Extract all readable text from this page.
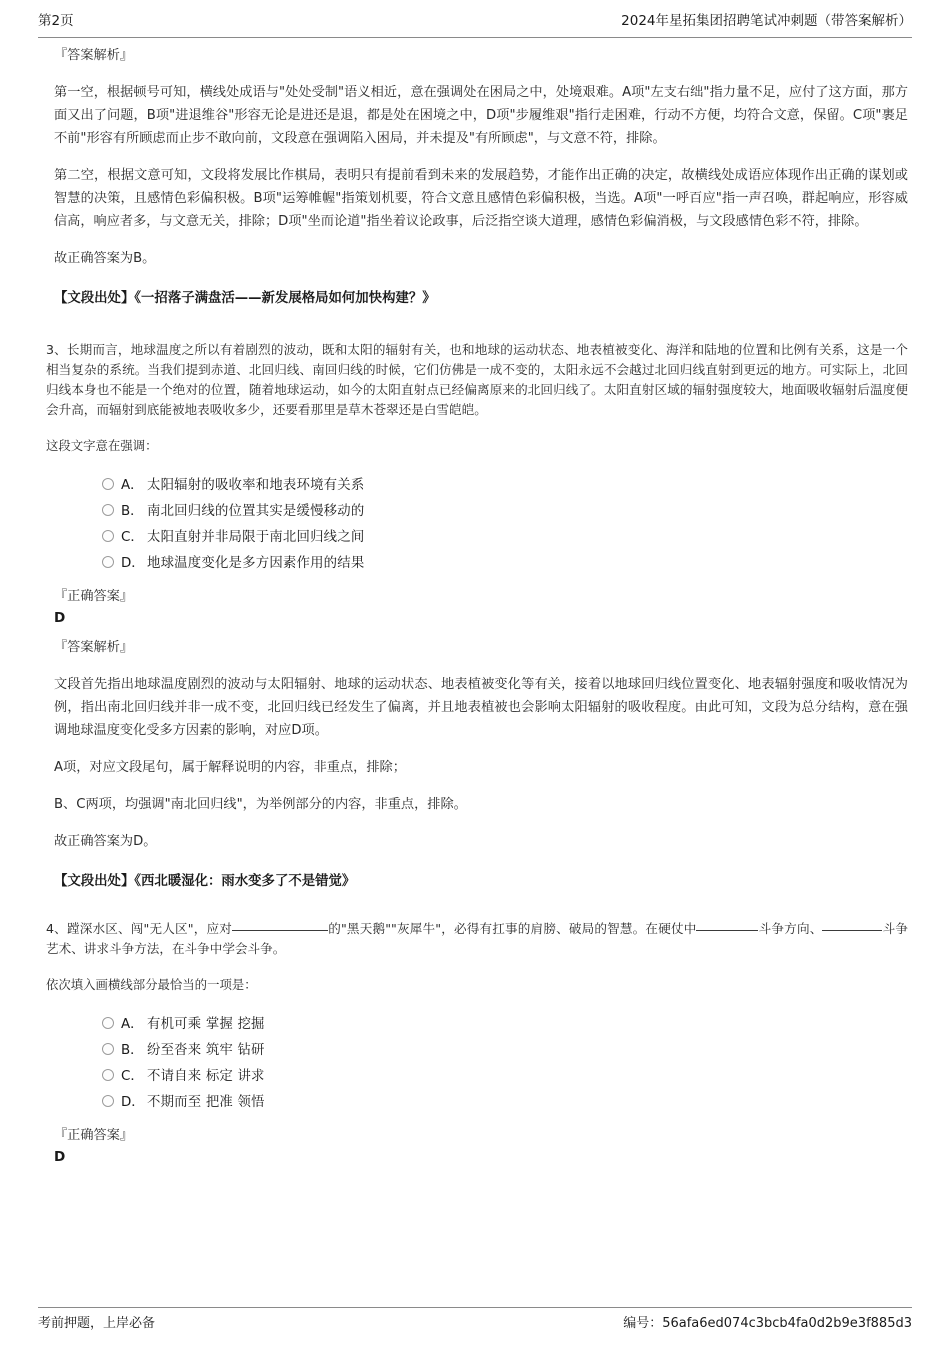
第2页	2024年星拓集团招聘笔试冲刺题（带答案解析）
『答案解析』
第一空，根据顿号可知，横线处成语与"处处受制"语义相近，意在强调处在困局之中，处境艰难。A项"左支右绌"指力量不足，应付了这方面，那方面又出了问题，B项"进退维谷"形容无论是进还是退，都是处在困境之中，D项"步履维艰"指行走困难，行动不方便，均符合文意，保留。C项"裹足不前"形容有所顾虑而止步不敢向前，文段意在强调陷入困局，并未提及"有所顾虑"，与文意不符，排除。
第二空，根据文意可知，文段将发展比作棋局，表明只有提前看到未来的发展趋势，才能作出正确的决定，故横线处成语应体现作出正确的谋划或智慧的决策，且感情色彩偏积极。B项"运筹帷幄"指策划机要，符合文意且感情色彩偏积极，当选。A项"一呼百应"指一声召唤，群起响应，形容威信高，响应者多，与文意无关，排除；D项"坐而论道"指坐着议论政事，后泛指空谈大道理，感情色彩偏消极，与文段感情色彩不符，排除。
故正确答案为B。
【文段出处】《一招落子满盘活——新发展格局如何加快构建？》
3、长期而言，地球温度之所以有着剧烈的波动，既和太阳的辐射有关，也和地球的运动状态、地表植被变化、海洋和陆地的位置和比例有关系，这是一个相当复杂的系统。当我们提到赤道、北回归线、南回归线的时候，它们仿佛是一成不变的，太阳永远不会越过北回归线直射到更远的地方。可实际上，北回归线本身也不能是一个绝对的位置，随着地球运动，如今的太阳直射点已经偏离原来的北回归线了。太阳直射区域的辐射强度较大，地面吸收辐射后温度便会升高，而辐射到底能被地表吸收多少，还要看那里是草木苍翠还是白雪皑皑。
这段文字意在强调：
A． 太阳辐射的吸收率和地表环境有关系
B． 南北回归线的位置其实是缓慢移动的
C． 太阳直射并非局限于南北回归线之间
D． 地球温度变化是多方因素作用的结果
『正确答案』
D
『答案解析』
文段首先指出地球温度剧烈的波动与太阳辐射、地球的运动状态、地表植被变化等有关，接着以地球回归线位置变化、地表辐射强度和吸收情况为例，指出南北回归线并非一成不变，北回归线已经发生了偏离，并且地表植被也会影响太阳辐射的吸收程度。由此可知，文段为总分结构，意在强调地球温度变化受多方因素的影响，对应D项。
A项，对应文段尾句，属于解释说明的内容，非重点，排除；
B、C两项，均强调"南北回归线"，为举例部分的内容，非重点，排除。
故正确答案为D。
【文段出处】《西北暖湿化：雨水变多了不是错觉》
4、蹚深水区、闯"无人区"，应对	的"黑天鹅""灰犀牛"，必得有扛事的肩膀、破局的智慧。在硬仗中	斗争方向、	斗争艺术、讲求斗争方法，在斗争中学会斗争。
依次填入画横线部分最恰当的一项是：
A． 有机可乘 掌握 挖掘
B． 纷至沓来 筑牢 钻研
C． 不请自来 标定 讲求
D． 不期而至 把准 领悟
『正确答案』
D
考前押题，上岸必备	编号：56afa6ed074c3bcb4fa0d2b9e3f885d3
